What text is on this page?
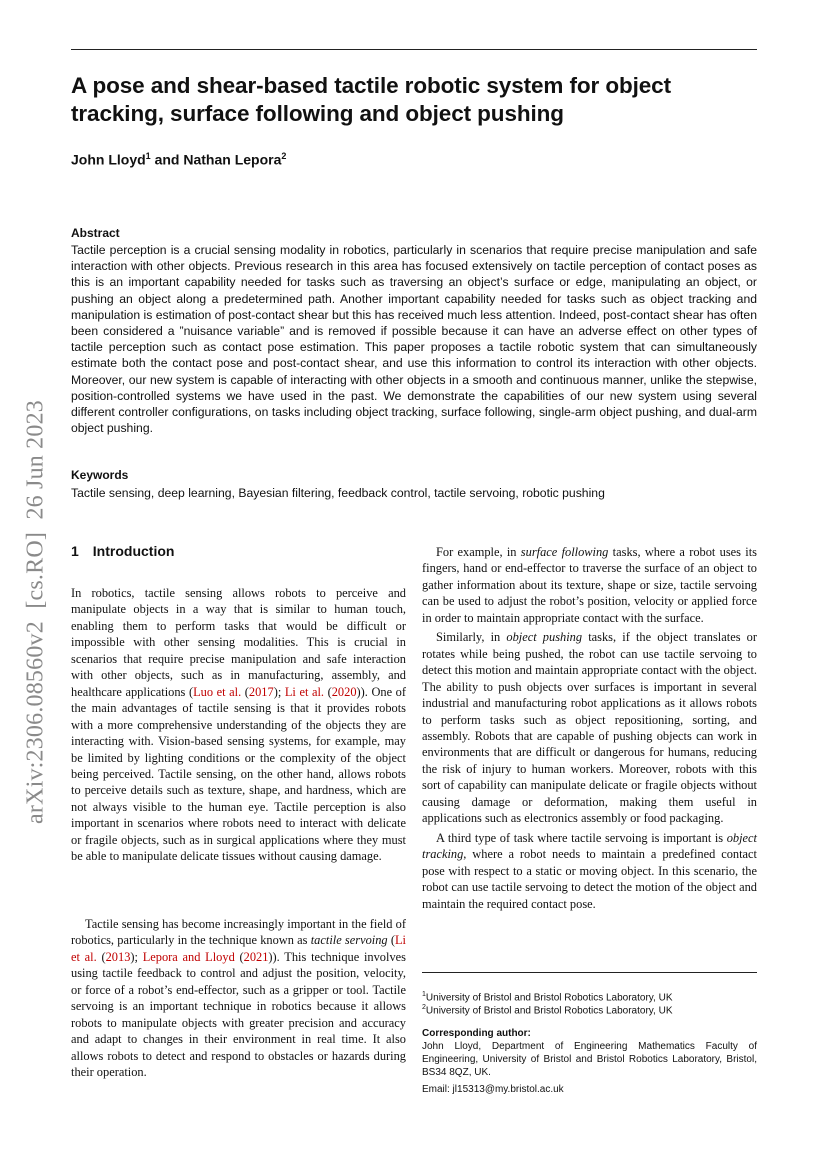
A pose and shear-based tactile robotic system for object tracking, surface following and object pushing
John Lloyd$^1$ and Nathan Lepora$^2$
Abstract
Tactile perception is a crucial sensing modality in robotics, particularly in scenarios that require precise manipulation and safe interaction with other objects. Previous research in this area has focused extensively on tactile perception of contact poses as this is an important capability needed for tasks such as traversing an object’s surface or edge, manipulating an object, or pushing an object along a predetermined path. Another important capability needed for tasks such as object tracking and manipulation is estimation of post-contact shear but this has received much less attention. Indeed, post-contact shear has often been considered a ”nuisance variable” and is removed if possible because it can have an adverse effect on other types of tactile perception such as contact pose estimation. This paper proposes a tactile robotic system that can simultaneously estimate both the contact pose and post-contact shear, and use this information to control its interaction with other objects. Moreover, our new system is capable of interacting with other objects in a smooth and continuous manner, unlike the stepwise, position-controlled systems we have used in the past. We demonstrate the capabilities of our new system using several different controller configurations, on tasks including object tracking, surface following, single-arm object pushing, and dual-arm object pushing.
Keywords
Tactile sensing, deep learning, Bayesian filtering, feedback control, tactile servoing, robotic pushing
arXiv:2306.08560v2  [cs.RO]  26 Jun 2023 1 Introduction

In robotics, tactile sensing allows robots to perceive and manipulate objects in a way that is similar to human touch, enabling them to perform tasks that would be difficult or impossible with other sensing modalities. This is crucial in scenarios that require precise manipulation and safe interaction with other objects, such as in manufacturing, assembly, and healthcare applications (Luo et al. (2017); Li et al. (2020)). One of the main advantages of tactile sensing is that it provides robots with a more comprehensive understanding of the objects they are interacting with. Vision-based sensing systems, for example, may be limited by lighting conditions or the complexity of the object being perceived. Tactile sensing, on the other hand, allows robots to perceive details such as texture, shape, and hardness, which are not always visible to the human eye. Tactile perception is also important in scenarios where robots need to interact with delicate or fragile objects, such as in surgical applications where they must be able to manipulate delicate tissues without causing damage.

Tactile sensing has become increasingly important in the field of robotics, particularly in the technique known as tactile servoing (Li et al. (2013); Lepora and Lloyd (2021)). This technique involves using tactile feedback to control and adjust the position, velocity, or force of a robot’s end-effector, such as a gripper or tool. Tactile servoing is an important technique in robotics because it allows robots to manipulate objects with greater precision and accuracy and adapt to changes in their environment in real time. It also allows robots to detect and respond to obstacles or hazards during their operation.

For example, in surface following tasks, where a robot uses its fingers, hand or end-effector to traverse the surface of an object to gather information about its texture, shape or size, tactile servoing can be used to adjust the robot’s position, velocity or applied force in order to maintain appropriate contact with the surface.

Similarly, in object pushing tasks, if the object translates or rotates while being pushed, the robot can use tactile servoing to detect this motion and maintain appropriate contact with the object. The ability to push objects over surfaces is important in several industrial and manufacturing robot applications as it allows robots to perform tasks such as object repositioning, sorting, and assembly. Robots that are capable of pushing objects can work in environments that are difficult or dangerous for humans, reducing the risk of injury to human workers. Moreover, robots with this sort of capability can manipulate delicate or fragile objects without causing damage or deformation, making them useful in applications such as electronics assembly or food packaging.

A third type of task where tactile servoing is important is object tracking, where a robot needs to maintain a predefined contact pose with respect to a static or moving object. In this scenario, the robot can use tactile servoing to detect the motion of the object and maintain the required contact pose.

$^1$University of Bristol and Bristol Robotics Laboratory, UK
$^2$University of Bristol and Bristol Robotics Laboratory, UK
Corresponding author:
John Lloyd, Department of Engineering Mathematics Faculty of Engineering, University of Bristol and Bristol Robotics Laboratory, Bristol, BS34 8QZ, UK.
Email: jl15313@my.bristol.ac.uk
